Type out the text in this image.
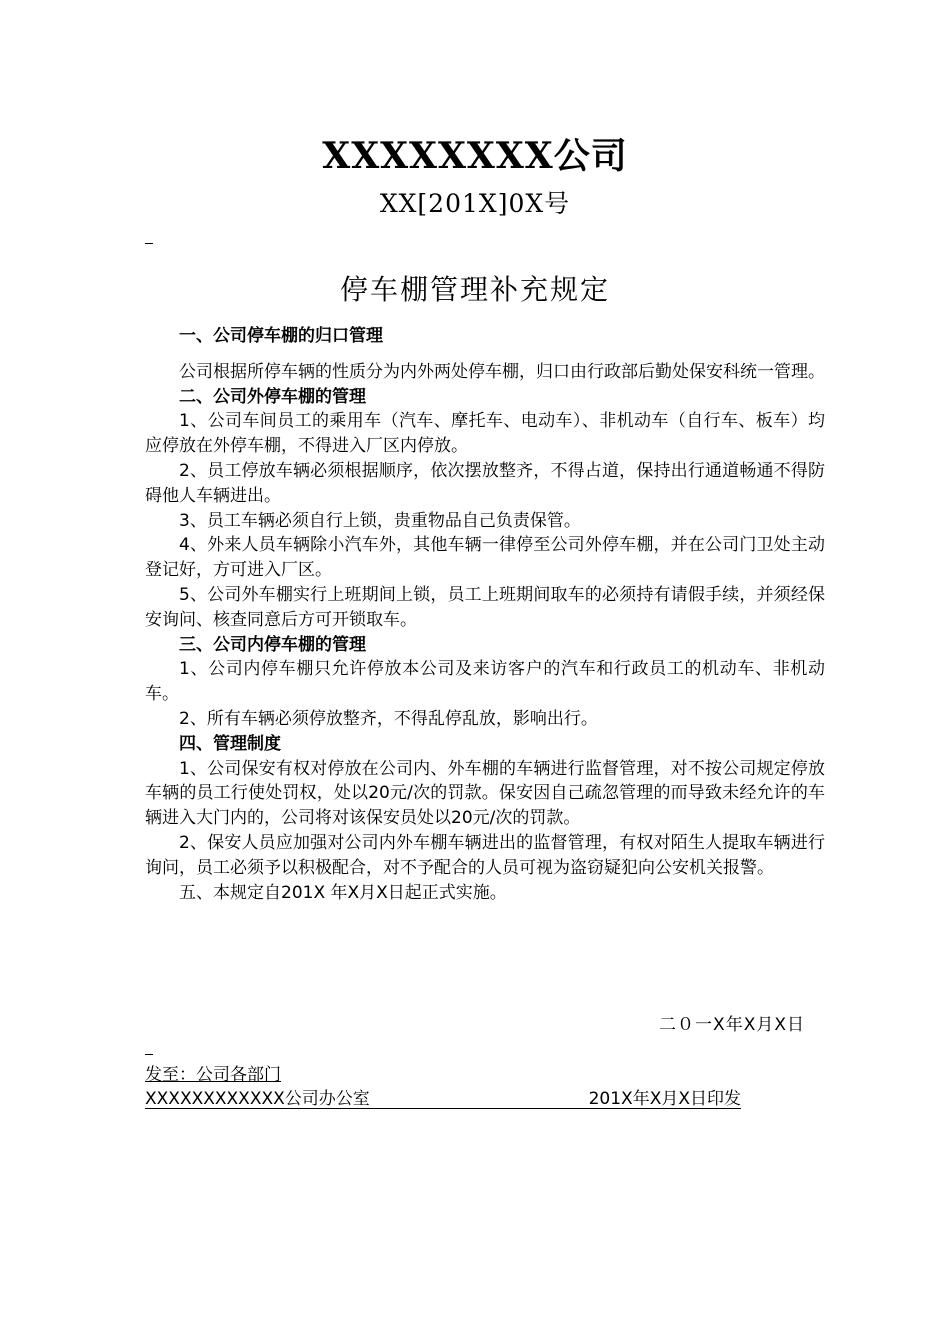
XXXXXXXX公司
XX[201X]0X号
停车棚管理补充规定

一、公司停车棚的归口管理

公司根据所停车辆的性质分为内外两处停车棚，归口由行政部后勤处保安科统一管理。

二、公司外停车棚的管理

1、公司车间员工的乘用车（汽车、摩托车、电动车）、非机动车（自行车、板车）均应停放在外停车棚，不得进入厂区内停放。

2、员工停放车辆必须根据顺序，依次摆放整齐，不得占道，保持出行通道畅通不得防碍他人车辆进出。

3、员工车辆必须自行上锁，贵重物品自己负责保管。

4、外来人员车辆除小汽车外，其他车辆一律停至公司外停车棚，并在公司门卫处主动登记好，方可进入厂区。

5、公司外车棚实行上班期间上锁，员工上班期间取车的必须持有请假手续，并须经保安询问、核查同意后方可开锁取车。

三、公司内停车棚的管理

1、公司内停车棚只允许停放本公司及来访客户的汽车和行政员工的机动车、非机动车。

2、所有车辆必须停放整齐，不得乱停乱放，影响出行。

四、管理制度

1、公司保安有权对停放在公司内、外车棚的车辆进行监督管理，对不按公司规定停放车辆的员工行使处罚权，处以20元/次的罚款。保安因自己疏忽管理的而导致未经允许的车辆进入大门内的，公司将对该保安员处以20元/次的罚款。

2、保安人员应加强对公司内外车棚车辆进出的监督管理，有权对陌生人提取车辆进行询问，员工必须予以积极配合，对不予配合的人员可视为盗窃疑犯向公安机关报警。

五、本规定自201X 年X月X日起正式实施。

二０一X年X月X日
发至：公司各部门
XXXXXXXXXXXX公司办公室	201X年X月X日印发
